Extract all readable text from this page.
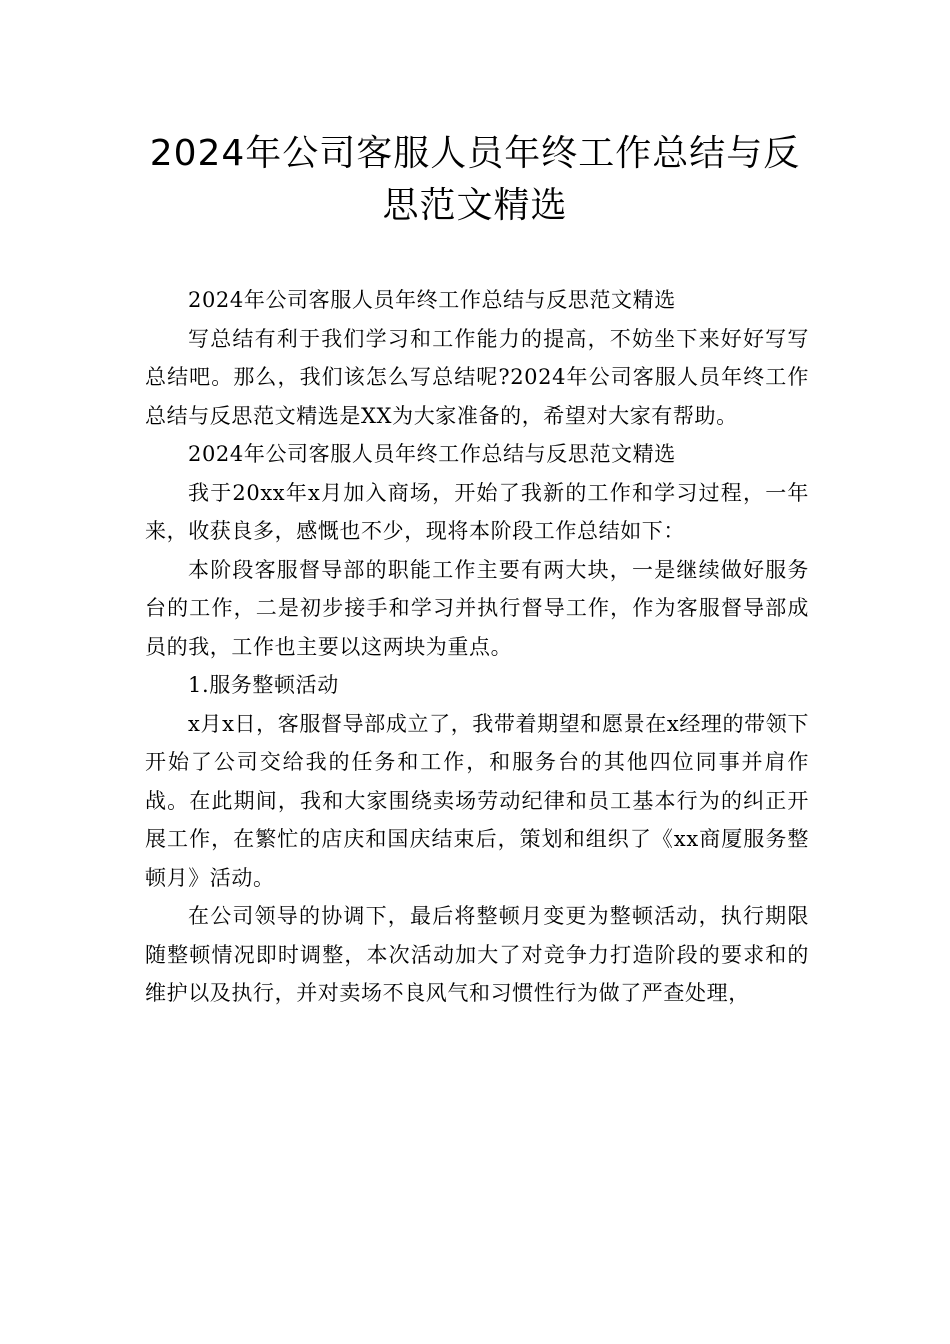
2024年公司客服人员年终工作总结与反
思范文精选

2024年公司客服人员年终工作总结与反思范文精选

写总结有利于我们学习和工作能力的提高，不妨坐下来好好写写总结吧。那么，我们该怎么写总结呢?2024年公司客服人员年终工作总结与反思范文精选是XX为大家准备的，希望对大家有帮助。

2024年公司客服人员年终工作总结与反思范文精选

我于20xx年x月加入商场，开始了我新的工作和学习过程，一年来，收获良多，感慨也不少，现将本阶段工作总结如下：

本阶段客服督导部的职能工作主要有两大块，一是继续做好服务台的工作，二是初步接手和学习并执行督导工作，作为客服督导部成员的我，工作也主要以这两块为重点。

1.服务整顿活动

x月x日，客服督导部成立了，我带着期望和愿景在x经理的带领下开始了公司交给我的任务和工作，和服务台的其他四位同事并肩作战。在此期间，我和大家围绕卖场劳动纪律和员工基本行为的纠正开展工作，在繁忙的店庆和国庆结束后，策划和组织了《xx商厦服务整顿月》活动。

在公司领导的协调下，最后将整顿月变更为整顿活动，执行期限随整顿情况即时调整，本次活动加大了对竞争力打造阶段的要求和的维护以及执行，并对卖场不良风气和习惯性行为做了严查处理，
